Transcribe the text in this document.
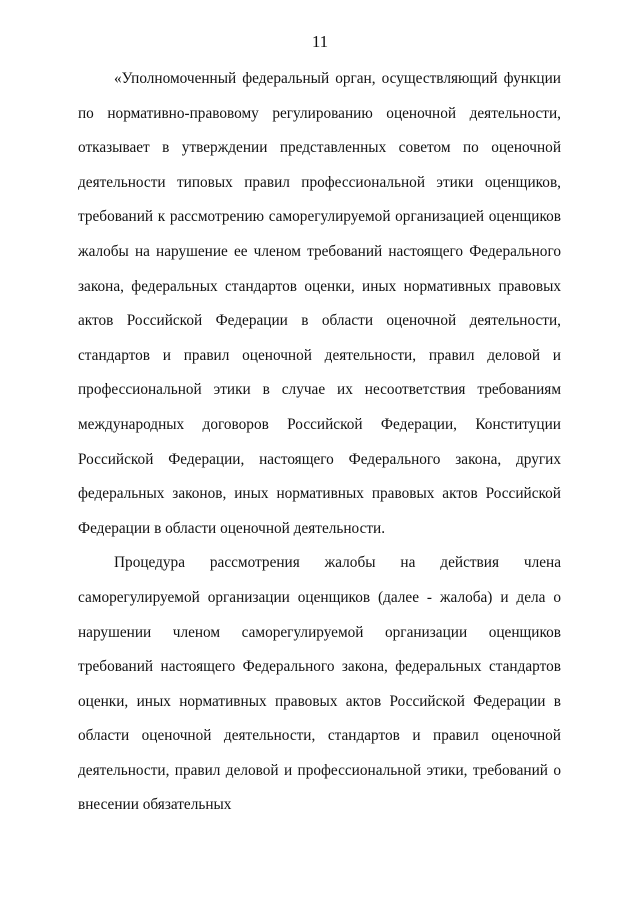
11

«Уполномоченный федеральный орган, осуществляющий функции по нормативно-правовому регулированию оценочной деятельности, отказывает в утверждении представленных советом по оценочной деятельности типовых правил профессиональной этики оценщиков, требований к рассмотрению саморегулируемой организацией оценщиков жалобы на нарушение ее членом требований настоящего Федерального закона, федеральных стандартов оценки, иных нормативных правовых актов Российской Федерации в области оценочной деятельности, стандартов и правил оценочной деятельности, правил деловой и профессиональной этики в случае их несоответствия требованиям международных договоров Российской Федерации, Конституции Российской Федерации, настоящего Федерального закона, других федеральных законов, иных нормативных правовых актов Российской Федерации в области оценочной деятельности.

Процедура рассмотрения жалобы на действия члена саморегулируемой организации оценщиков (далее - жалоба) и дела о нарушении членом саморегулируемой организации оценщиков требований настоящего Федерального закона, федеральных стандартов оценки, иных нормативных правовых актов Российской Федерации в области оценочной деятельности, стандартов и правил оценочной деятельности, правил деловой и профессиональной этики, требований о внесении обязательных
